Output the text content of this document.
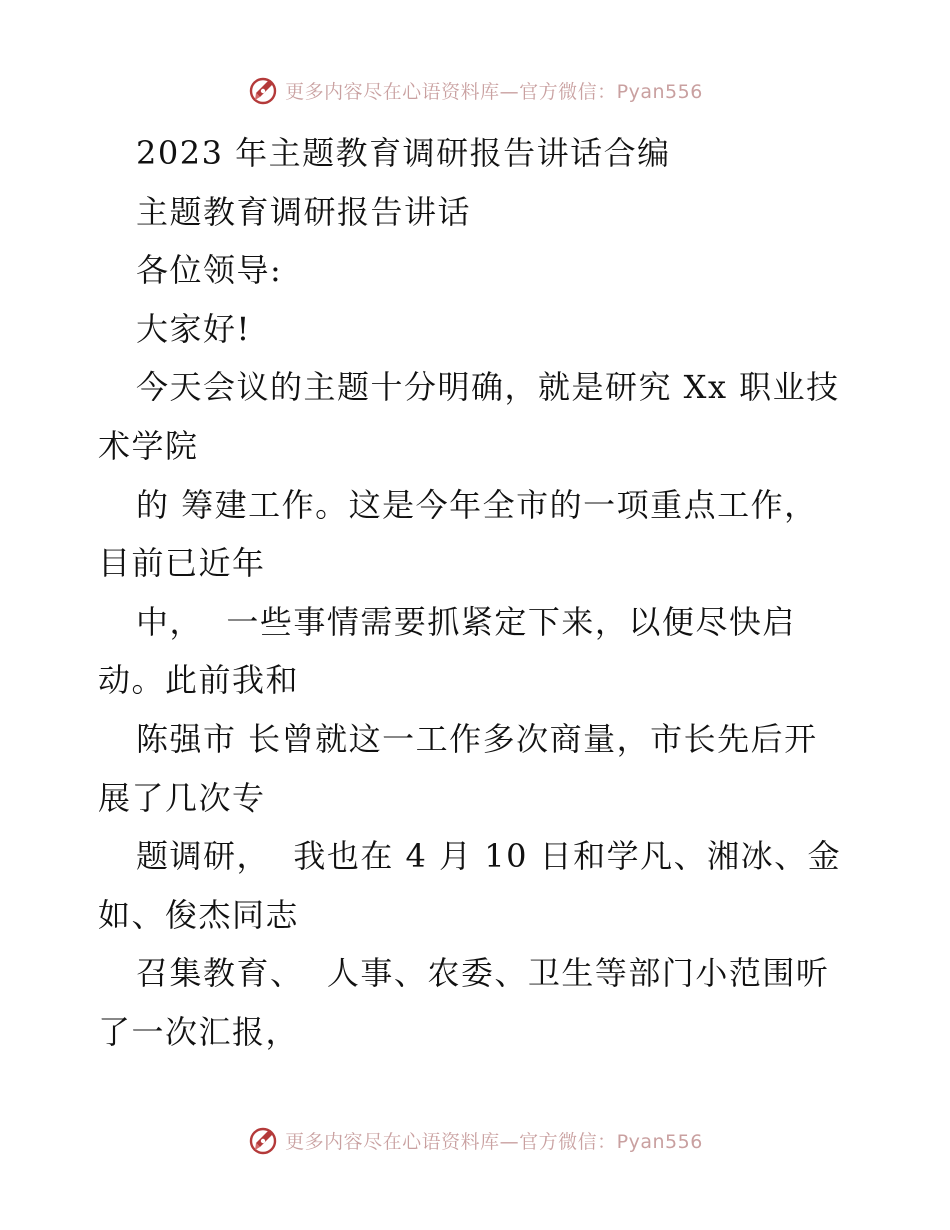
更多内容尽在心语资料库—官方微信：Pyan556
2023 年主题教育调研报告讲话合编
主题教育调研报告讲话
各位领导:
大家好!
今天会议的主题十分明确，就是研究 Xx 职业技
术学院
的 筹建工作。这是今年全市的一项重点工作，
目前已近年
中，  一些事情需要抓紧定下来，以便尽快启
动。此前我和
陈强市 长曾就这一工作多次商量，市长先后开
展了几次专
题调研，  我也在 4 月 10 日和学凡、湘冰、金
如、俊杰同志
召集教育、  人事、农委、卫生等部门小范围听
了一次汇报，
更多内容尽在心语资料库—官方微信：Pyan556
